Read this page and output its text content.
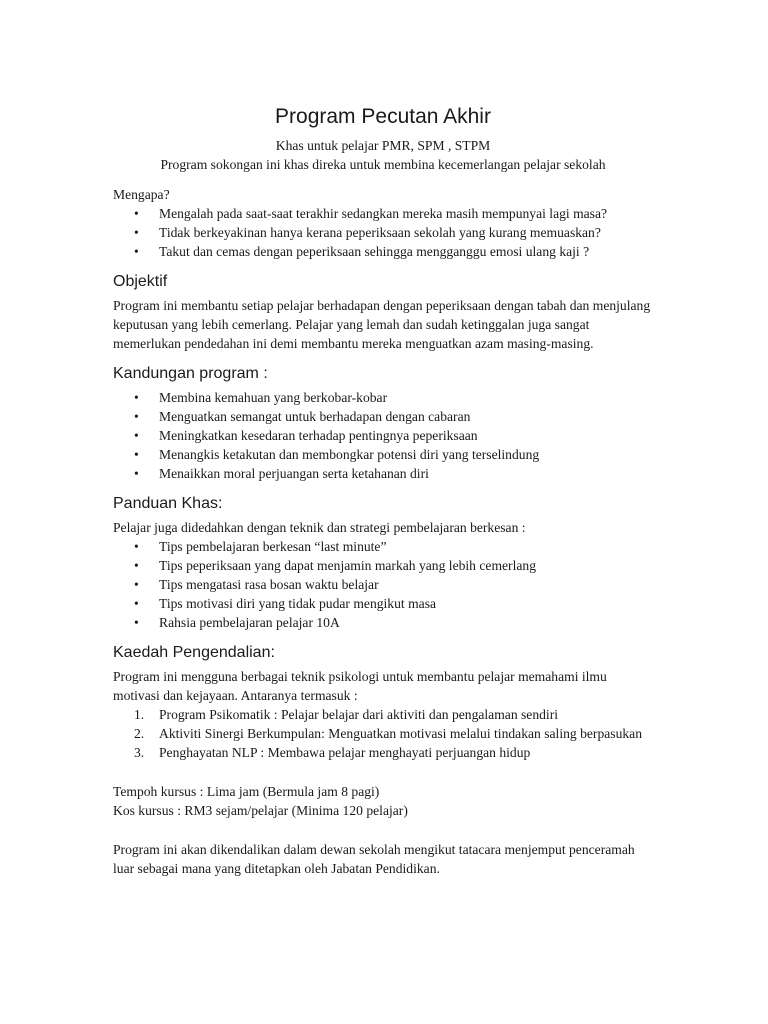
Program Pecutan Akhir

Khas untuk pelajar PMR, SPM , STPM

Program sokongan ini khas direka untuk membina kecemerlangan pelajar sekolah

Mengapa?

• Mengalah pada saat-saat terakhir sedangkan mereka masih mempunyai lagi masa?
• Tidak berkeyakinan hanya kerana peperiksaan sekolah yang kurang memuaskan?
• Takut dan cemas dengan peperiksaan sehingga mengganggu emosi ulang kaji ?
Objektif

Program ini membantu setiap pelajar berhadapan dengan peperiksaan dengan tabah dan menjulang keputusan yang lebih cemerlang. Pelajar yang lemah dan sudah ketinggalan juga sangat memerlukan pendedahan ini demi membantu mereka menguatkan azam masing-masing.

Kandungan program :
• Membina kemahuan yang berkobar-kobar
• Menguatkan semangat untuk berhadapan dengan cabaran
• Meningkatkan kesedaran terhadap pentingnya peperiksaan
• Menangkis ketakutan dan membongkar potensi diri yang terselindung
• Menaikkan moral perjuangan serta ketahanan diri
Panduan Khas:

Pelajar juga didedahkan dengan teknik dan strategi pembelajaran berkesan :

• Tips pembelajaran berkesan “last minute”
• Tips peperiksaan yang dapat menjamin markah yang lebih cemerlang
• Tips mengatasi rasa bosan waktu belajar
• Tips motivasi diri yang tidak pudar mengikut masa
• Rahsia pembelajaran pelajar 10A
Kaedah Pengendalian:

Program ini mengguna berbagai teknik psikologi untuk membantu pelajar memahami ilmu motivasi dan kejayaan. Antaranya termasuk :

1. Program Psikomatik : Pelajar belajar dari aktiviti dan pengalaman sendiri
2. Aktiviti Sinergi Berkumpulan: Menguatkan motivasi melalui tindakan saling berpasukan
3. Penghayatan NLP : Membawa pelajar menghayati perjuangan hidup

Tempoh kursus : Lima jam (Bermula jam 8 pagi)

Kos kursus : RM3 sejam/pelajar (Minima 120 pelajar)

Program ini akan dikendalikan dalam dewan sekolah mengikut tatacara menjemput penceramah luar sebagai mana yang ditetapkan oleh Jabatan Pendidikan.
